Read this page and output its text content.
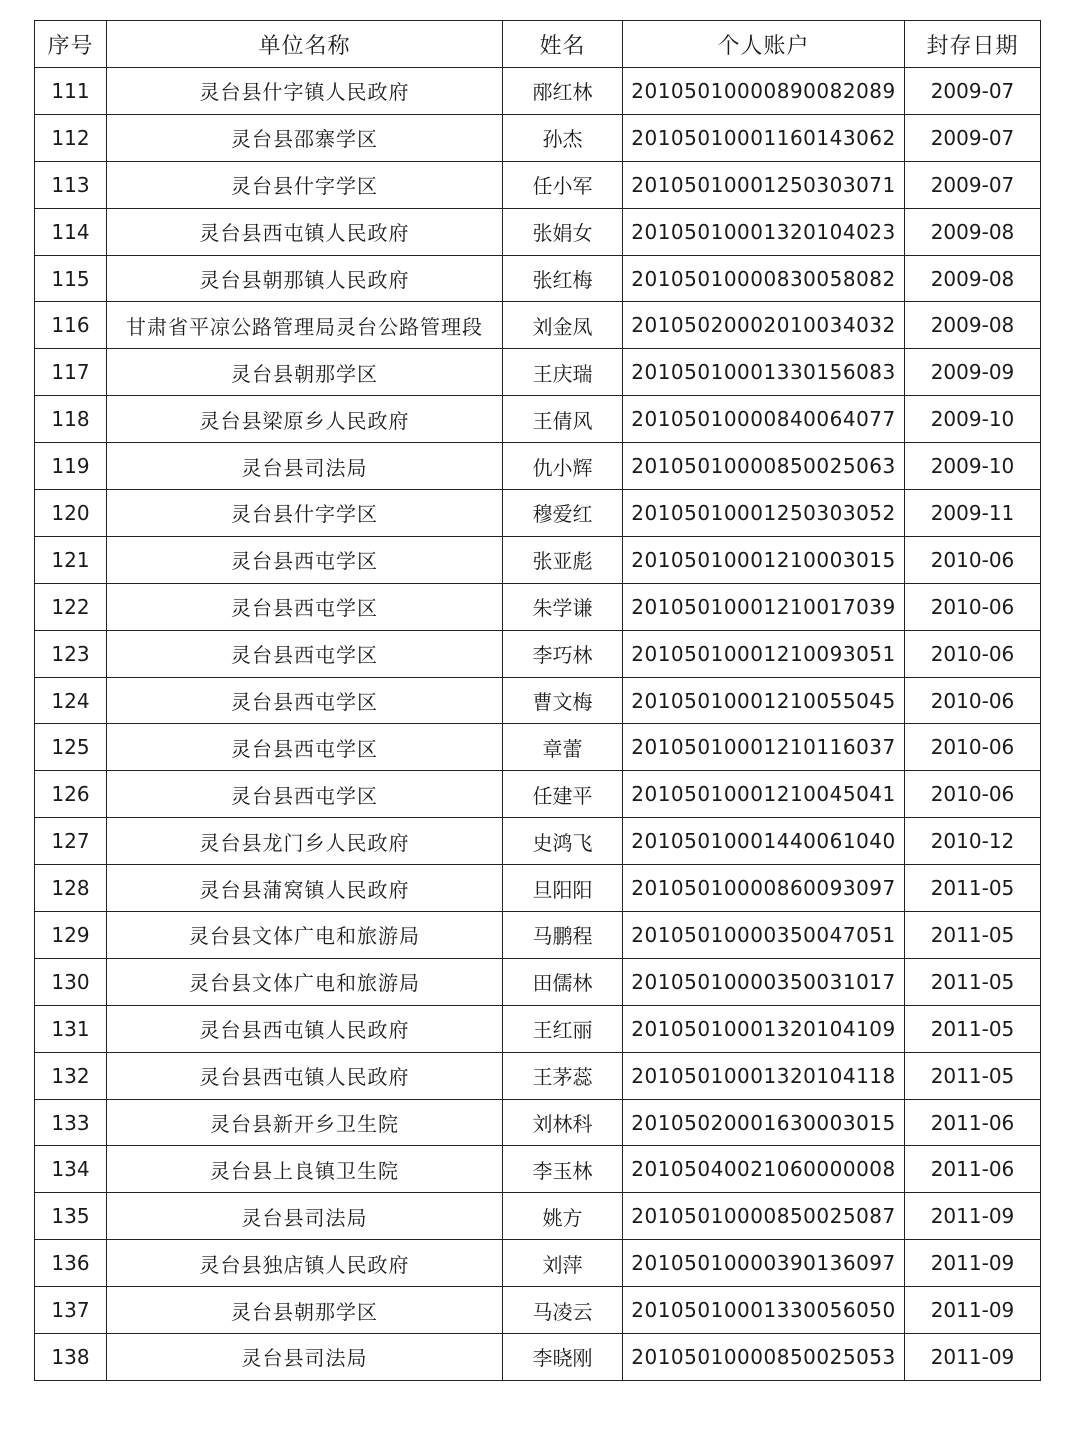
序号	单位名称	姓名	个人账户	封存日期
111	灵台县什字镇人民政府	邴红林	20105010000890082089	2009-07
112	灵台县邵寨学区	孙杰	20105010001160143062	2009-07
113	灵台县什字学区	任小军	20105010001250303071	2009-07
114	灵台县西屯镇人民政府	张娟女	20105010001320104023	2009-08
115	灵台县朝那镇人民政府	张红梅	20105010000830058082	2009-08
116	甘肃省平凉公路管理局灵台公路管理段	刘金凤	20105020002010034032	2009-08
117	灵台县朝那学区	王庆瑞	20105010001330156083	2009-09
118	灵台县梁原乡人民政府	王倩风	20105010000840064077	2009-10
119	灵台县司法局	仇小辉	20105010000850025063	2009-10
120	灵台县什字学区	穆爱红	20105010001250303052	2009-11
121	灵台县西屯学区	张亚彪	20105010001210003015	2010-06
122	灵台县西屯学区	朱学谦	20105010001210017039	2010-06
123	灵台县西屯学区	李巧林	20105010001210093051	2010-06
124	灵台县西屯学区	曹文梅	20105010001210055045	2010-06
125	灵台县西屯学区	章蕾	20105010001210116037	2010-06
126	灵台县西屯学区	任建平	20105010001210045041	2010-06
127	灵台县龙门乡人民政府	史鸿飞	20105010001440061040	2010-12
128	灵台县蒲窝镇人民政府	旦阳阳	20105010000860093097	2011-05
129	灵台县文体广电和旅游局	马鹏程	20105010000350047051	2011-05
130	灵台县文体广电和旅游局	田儒林	20105010000350031017	2011-05
131	灵台县西屯镇人民政府	王红丽	20105010001320104109	2011-05
132	灵台县西屯镇人民政府	王茅蕊	20105010001320104118	2011-05
133	灵台县新开乡卫生院	刘林科	20105020001630003015	2011-06
134	灵台县上良镇卫生院	李玉林	20105040021060000008	2011-06
135	灵台县司法局	姚方	20105010000850025087	2011-09
136	灵台县独店镇人民政府	刘萍	20105010000390136097	2011-09
137	灵台县朝那学区	马凌云	20105010001330056050	2011-09
138	灵台县司法局	李晓刚	20105010000850025053	2011-09
